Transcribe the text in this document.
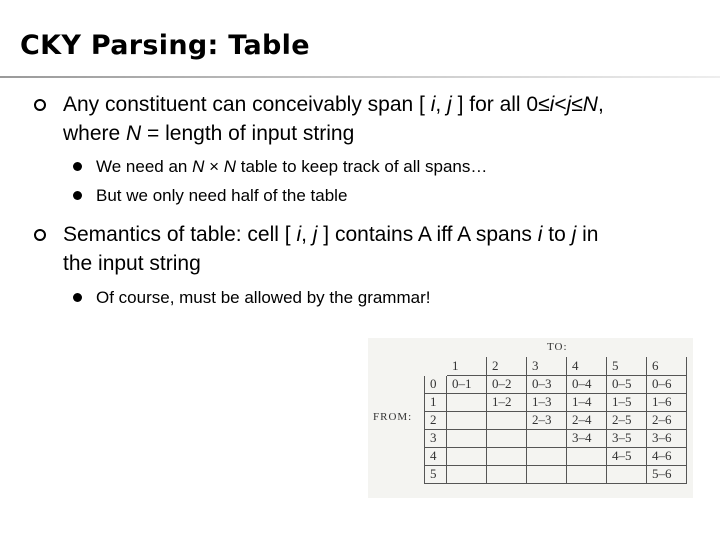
CKY Parsing: Table
Any constituent can conceivably span [ i, j ] for all 0≤i<j≤N,
where N = length of input string
We need an N × N table to keep track of all spans…
But we only need half of the table
Semantics of table: cell [ i, j ] contains A iff A spans i to j in
the input string
Of course, must be allowed by the grammar!
TO:
FROM:
	1	2	3	4	5	6
0	0–1	0–2	0–3	0–4	0–5	0–6
1		1–2	1–3	1–4	1–5	1–6
2			2–3	2–4	2–5	2–6
3				3–4	3–5	3–6
4					4–5	4–6
5						5–6
